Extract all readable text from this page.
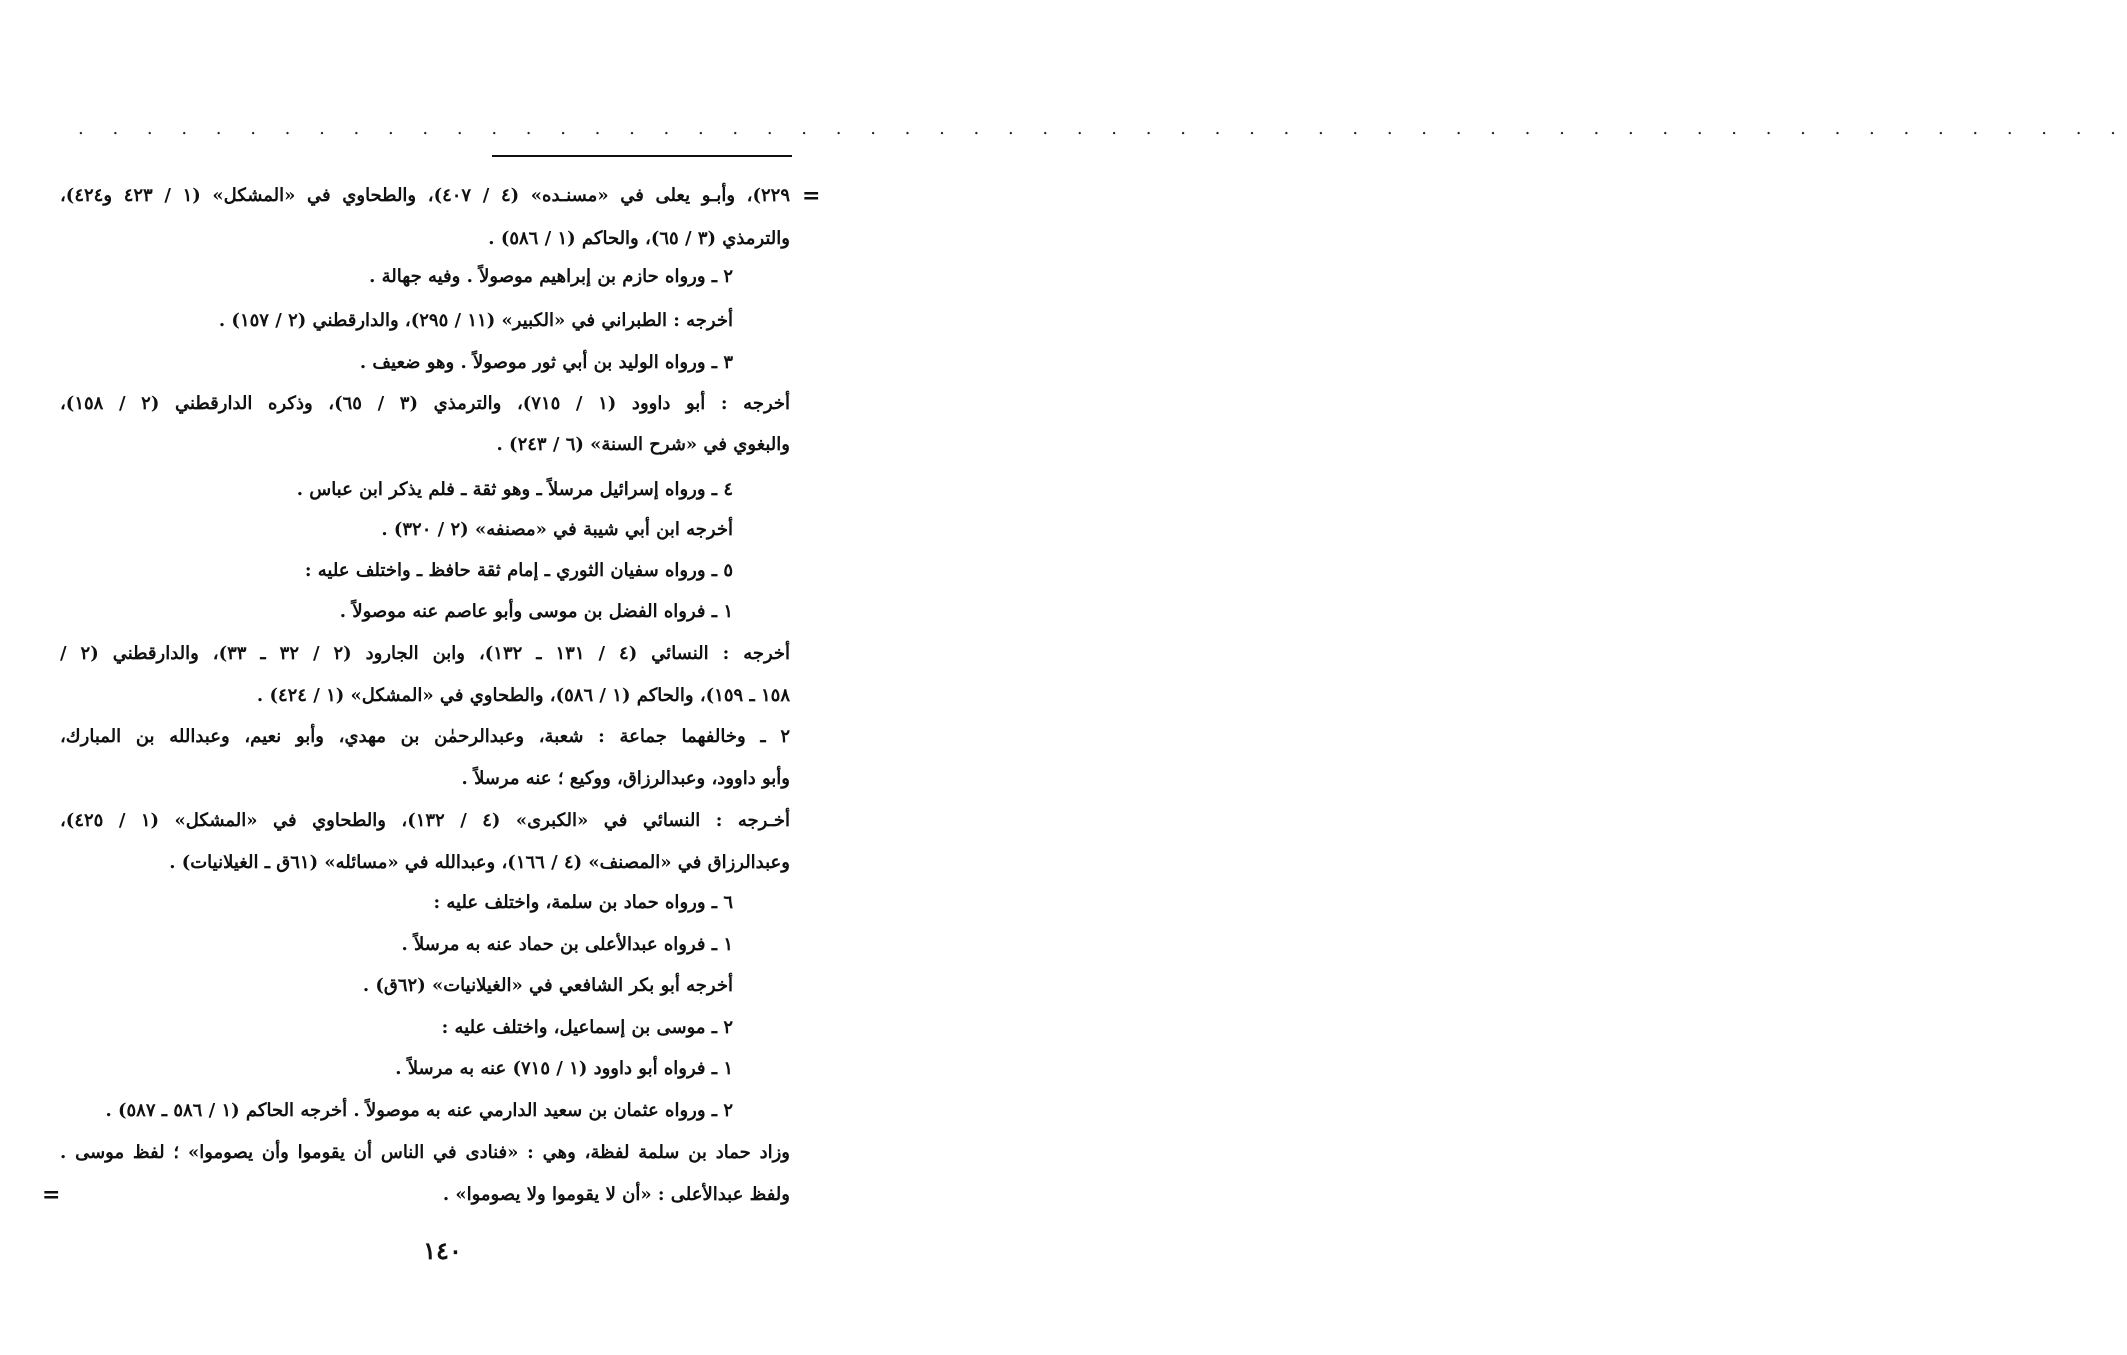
. . . . . . . . . . . . . . . . . . . . . . . . . . . . . . . . . . . . . . . . . . . . . . . . . . . . . . . . . . . .
=
=
٢٢٩)، وأبـو يعلى في «مسنـده» (٤ / ٤٠٧)، والطحاوي في «المشكل» (١ / ٤٢٣ و٤٢٤)،
والترمذي (٣ / ٦٥)، والحاكم (١ / ٥٨٦) .
٢ ـ ورواه حازم بن إبراهيم موصولاً . وفيه جهالة .
أخرجه : الطبراني في «الكبير» (١١ / ٢٩٥)، والدارقطني (٢ / ١٥٧) .
٣ ـ ورواه الوليد بن أبي ثور موصولاً . وهو ضعيف .
أخرجه : أبو داوود (١ / ٧١٥)، والترمذي (٣ / ٦٥)، وذكره الدارقطني (٢ / ١٥٨)،
والبغوي في «شرح السنة» (٦ / ٢٤٣) .
٤ ـ ورواه إسرائيل مرسلاً ـ وهو ثقة ـ فلم يذكر ابن عباس .
أخرجه ابن أبي شيبة في «مصنفه» (٢ / ٣٢٠) .
٥ ـ ورواه سفيان الثوري ـ إمام ثقة حافظ ـ واختلف عليه :
١ ـ فرواه الفضل بن موسى وأبو عاصم عنه موصولاً .
أخرجه : النسائي (٤ / ١٣١ ـ ١٣٢)، وابن الجارود (٢ / ٣٢ ـ ٣٣)، والدارقطني (٢ /
١٥٨ ـ ١٥٩)، والحاكم (١ / ٥٨٦)، والطحاوي في «المشكل» (١ / ٤٢٤) .
٢ ـ وخالفهما جماعة : شعبة، وعبدالرحمٰن بن مهدي، وأبو نعيم، وعبدالله بن المبارك،
وأبو داوود، وعبدالرزاق، ووكيع ؛ عنه مرسلاً .
أخـرجه : النسائي في «الكبرى» (٤ / ١٣٢)، والطحاوي في «المشكل» (١ / ٤٢٥)،
وعبدالرزاق في «المصنف» (٤ / ١٦٦)، وعبدالله في «مسائله» (٦١ق ـ الغيلانيات) .
٦ ـ ورواه حماد بن سلمة، واختلف عليه :
١ ـ فرواه عبدالأعلى بن حماد عنه به مرسلاً .
أخرجه أبو بكر الشافعي في «الغيلانيات» (٦٢ق) .
٢ ـ موسى بن إسماعيل، واختلف عليه :
١ ـ فرواه أبو داوود (١ / ٧١٥) عنه به مرسلاً .
٢ ـ ورواه عثمان بن سعيد الدارمي عنه به موصولاً . أخرجه الحاكم (١ / ٥٨٦ ـ ٥٨٧) .
وزاد حماد بن سلمة لفظة، وهي : «فنادى في الناس أن يقوموا وأن يصوموا» ؛ لفظ موسى .
ولفظ عبدالأعلى : «أن لا يقوموا ولا يصوموا» .
١٤٠
